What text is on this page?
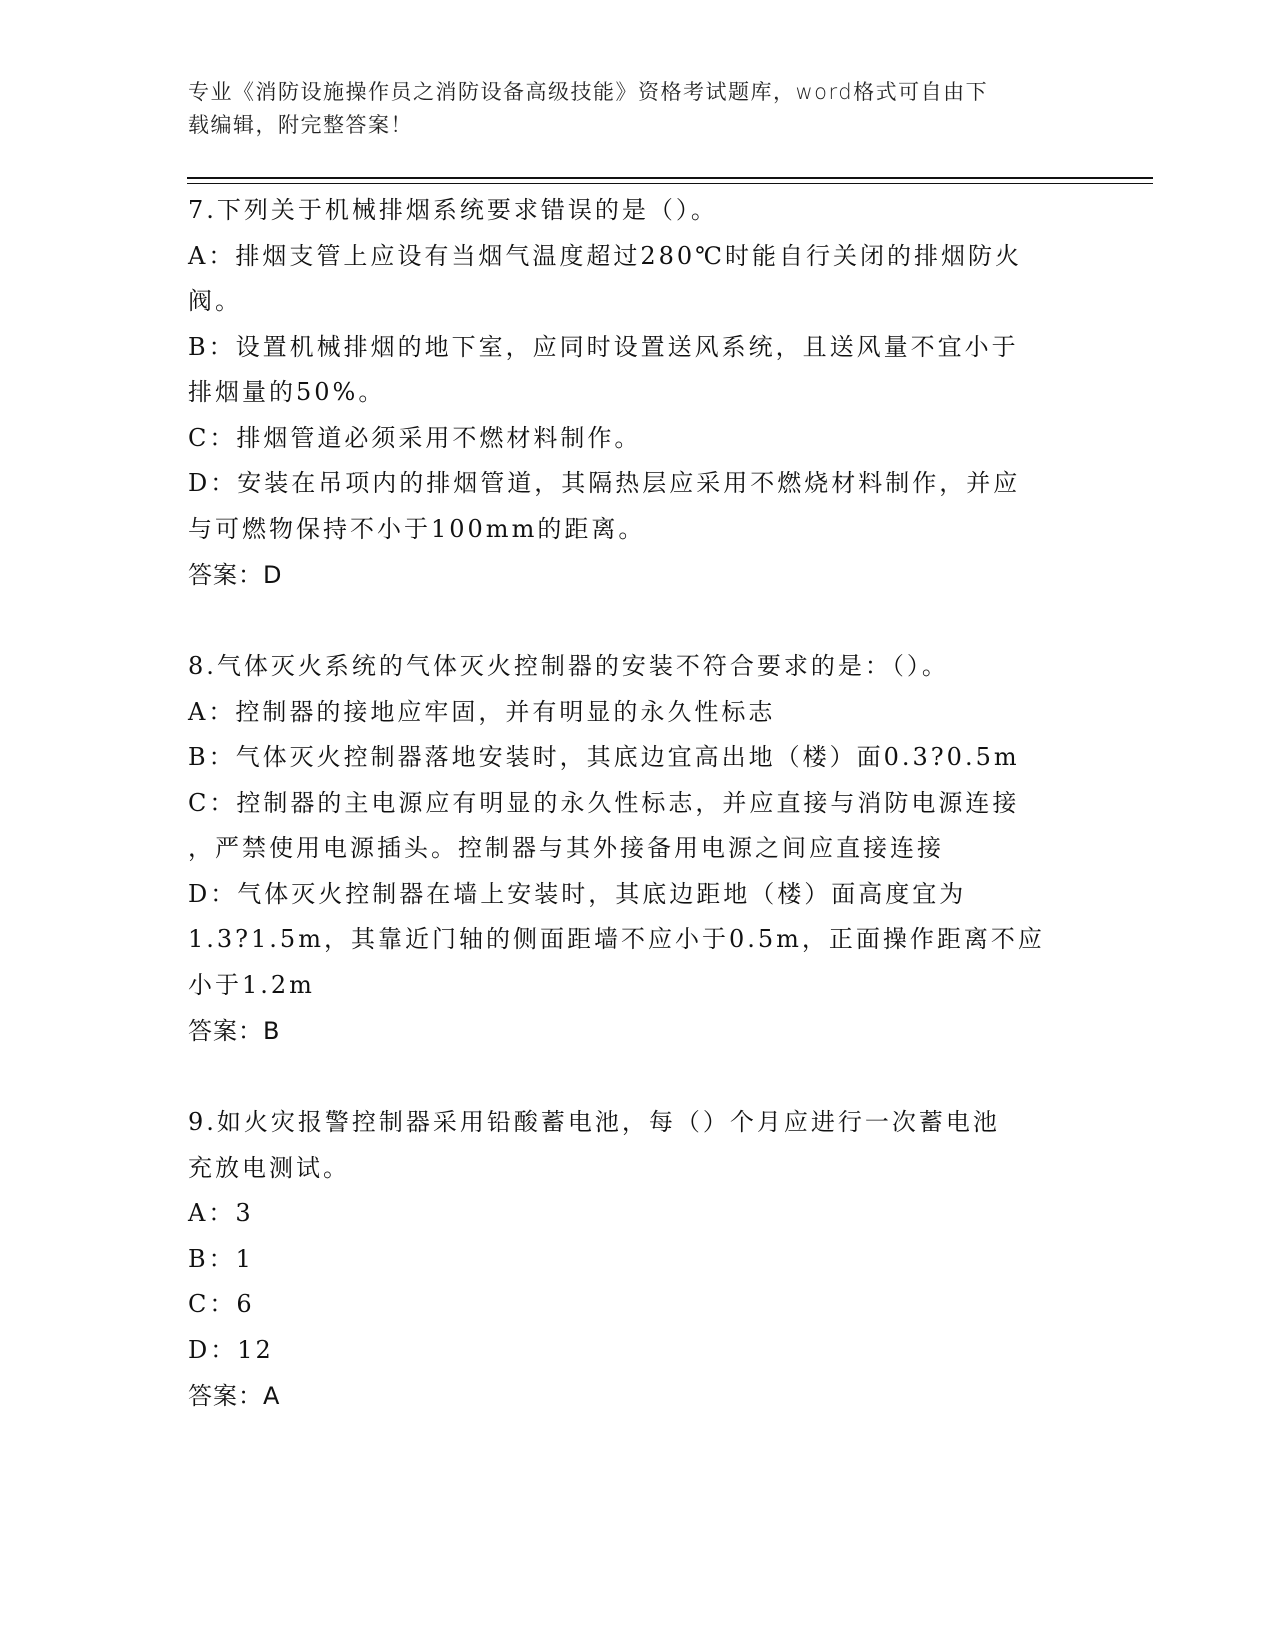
专业《消防设施操作员之消防设备高级技能》资格考试题库，word格式可自由下
载编辑，附完整答案！
7.下列关于机械排烟系统要求错误的是（）。
A：排烟支管上应设有当烟气温度超过280℃时能自行关闭的排烟防火
阀。
B：设置机械排烟的地下室，应同时设置送风系统，且送风量不宜小于
排烟量的50%。
C：排烟管道必须采用不燃材料制作。
D：安装在吊项内的排烟管道，其隔热层应采用不燃烧材料制作，并应
与可燃物保持不小于100mm的距离。
答案：D
8.气体灭火系统的气体灭火控制器的安装不符合要求的是：（）。
A：控制器的接地应牢固，并有明显的永久性标志
B：气体灭火控制器落地安装时，其底边宜高出地（楼）面0.3?0.5m
C：控制器的主电源应有明显的永久性标志，并应直接与消防电源连接
，严禁使用电源插头。控制器与其外接备用电源之间应直接连接
D：气体灭火控制器在墙上安装时，其底边距地（楼）面高度宜为
1.3?1.5m，其靠近门轴的侧面距墙不应小于0.5m，正面操作距离不应
小于1.2m
答案：B
9.如火灾报警控制器采用铅酸蓄电池，每（）个月应进行一次蓄电池
充放电测试。
A：3
B：1
C：6
D：12
答案：A
